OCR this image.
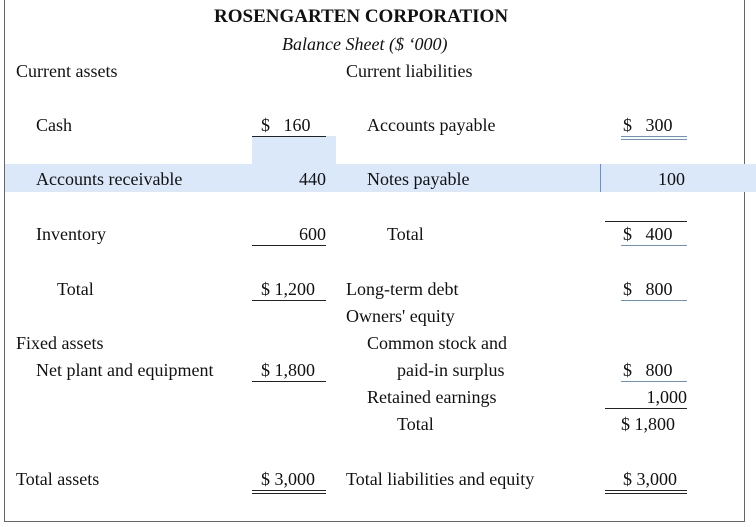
ROSENGARTEN CORPORATION
Balance Sheet ($ ‘000)
Current assets	Current liabilities
Cash	$   160	Accounts payable	$   300
Accounts receivable	440 Notes payable	100
Inventory	600	Total	$   400
Total	$ 1,200 Long-term debt	$   800
Owners' equity
Fixed assets	Common stock and
Net plant and equipment	$ 1,800	paid-in surplus	$   800
Retained earnings	1,000
Total	$ 1,800
Total assets	$ 3,000 Total liabilities and equity	$ 3,000
